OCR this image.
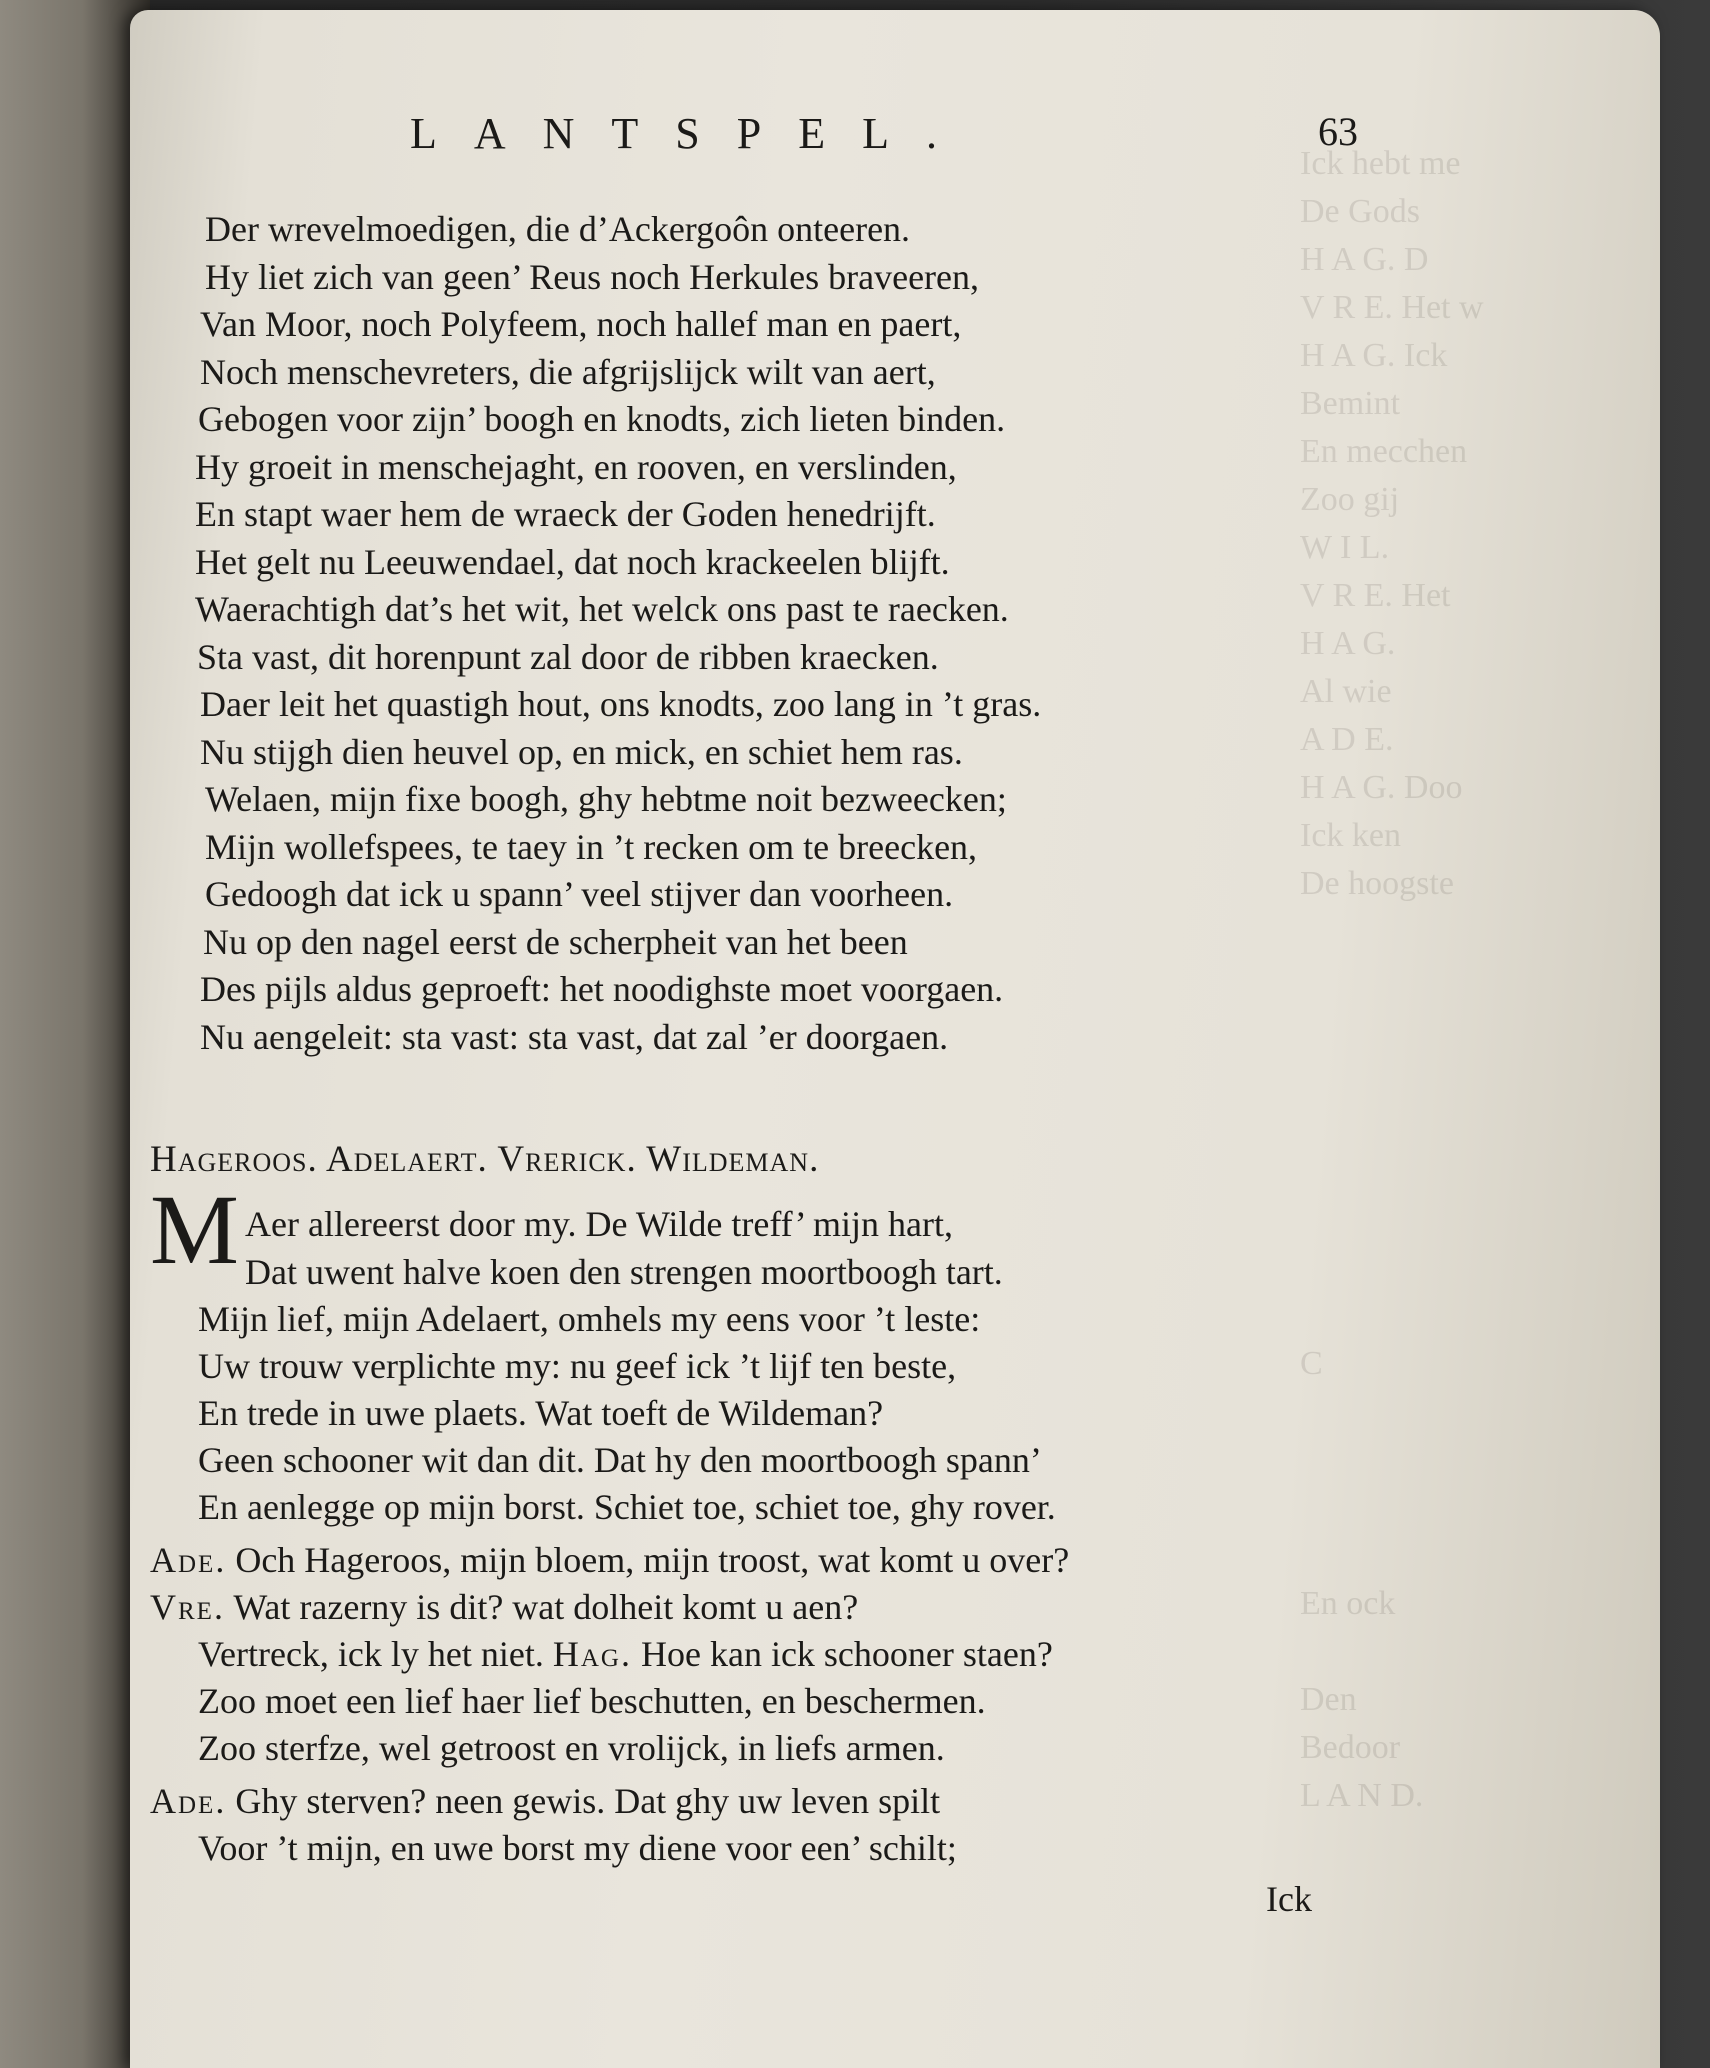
Ick hebt me
De Gods
H A G. D
V R E. Het w
H A G. Ick
Bemint
En mecchen
Zoo gij
W I L.
V R E. Het
H A G.
Al wie
A D E.
H A G. Doo
Ick ken
De hoogste
C
En ock
Den
Bedoor
L A N D.
LANTSPEL.	63
Der wrevelmoedigen, die d’Ackergoôn onteeren.
Hy liet zich van geen’ Reus noch Herkules braveeren,
Van Moor, noch Polyfeem, noch hallef man en paert,
Noch menschevreters, die afgrijslijck wilt van aert,
Gebogen voor zijn’ boogh en knodts, zich lieten binden.
Hy groeit in menschejaght, en rooven, en verslinden,
En stapt waer hem de wraeck der Goden henedrijft.
Het gelt nu Leeuwendael, dat noch krackeelen blijft.
Waerachtigh dat’s het wit, het welck ons past te raecken.
Sta vast, dit horenpunt zal door de ribben kraecken.
Daer leit het quastigh hout, ons knodts, zoo lang in ’t gras.
Nu stijgh dien heuvel op, en mick, en schiet hem ras.
Welaen, mijn fixe boogh, ghy hebtme noit bezweecken;
Mijn wollefspees, te taey in ’t recken om te breecken,
Gedoogh dat ick u spann’ veel stijver dan voorheen.
Nu op den nagel eerst de scherpheit van het been
Des pijls aldus geproeft: het noodighste moet voorgaen.
Nu aengeleit: sta vast: sta vast, dat zal ’er doorgaen.
Hageroos. Adelaert. Vrerick. Wildeman.
M Aer allereerst door my. De Wilde treff’ mijn hart,
Dat uwent halve koen den strengen moortboogh tart.
Mijn lief, mijn Adelaert, omhels my eens voor ’t leste:
Uw trouw verplichte my: nu geef ick ’t lijf ten beste,
En trede in uwe plaets. Wat toeft de Wildeman?
Geen schooner wit dan dit. Dat hy den moortboogh spann’
En aenlegge op mijn borst. Schiet toe, schiet toe, ghy rover.
Ade. Och Hageroos, mijn bloem, mijn troost, wat komt u over?
Vre. Wat razerny is dit? wat dolheit komt u aen?
Vertreck, ick ly het niet. Hag. Hoe kan ick schooner staen?
Zoo moet een lief haer lief beschutten, en beschermen.
Zoo sterfze, wel getroost en vrolijck, in liefs armen.
Ade. Ghy sterven? neen gewis. Dat ghy uw leven spilt
Voor ’t mijn, en uwe borst my diene voor een’ schilt;
Ick
